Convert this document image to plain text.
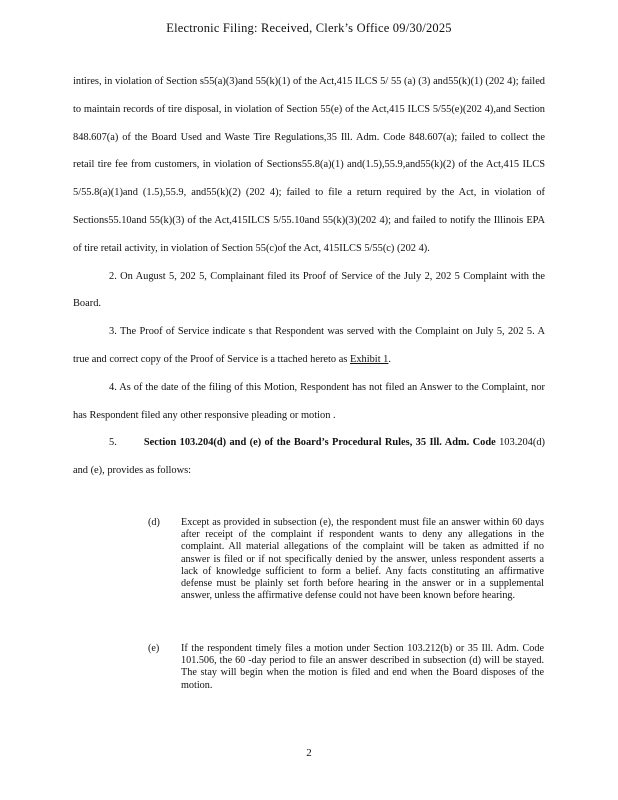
Electronic Filing: Received, Clerk’s Office 09/30/2025

intires, in violation of Section s55(a)(3)and 55(k)(1) of the Act,415 ILCS 5/ 55 (a) (3) and55(k)(1) (202 4); failed to maintain records of tire disposal, in violation of Section 55(e) of the Act,415 ILCS 5/55(e)(202 4),and Section 848.607(a) of the Board Used and Waste Tire Regulations,35 Ill. Adm. Code 848.607(a); failed to collect the retail tire fee from customers, in violation of Sections55.8(a)(1) and(1.5),55.9,and55(k)(2) of the Act,415 ILCS 5/55.8(a)(1)and (1.5),55.9, and55(k)(2) (202 4); failed to file a return required by the Act, in violation of Sections55.10and 55(k)(3) of the Act,415ILCS 5/55.10and 55(k)(3)(202 4); and failed to notify the Illinois EPA of tire retail activity, in violation of Section 55(c)of the Act, 415ILCS 5/55(c) (202 4).

2. On August 5, 202 5, Complainant filed its Proof of Service of the July 2, 202 5 Complaint with the Board.

3. The Proof of Service indicate s that Respondent was served with the Complaint on July 5, 202 5. A true and correct copy of the Proof of Service is a ttached hereto as Exhibit 1.

4. As of the date of the filing of this Motion, Respondent has not filed an Answer to the Complaint, nor has Respondent filed any other responsive pleading or motion .

5.	Section 103.204(d) and (e) of the Board’s Procedural Rules, 35 Ill. Adm. Code 103.204(d) and (e), provides as follows:

(d)	Except as provided in subsection (e), the respondent must file an answer within 60 days after receipt of the complaint if respondent wants to deny any allegations in the complaint. All material allegations of the complaint will be taken as admitted if no answer is filed or if not specifically denied by the answer, unless respondent asserts a lack of knowledge sufficient to form a belief. Any facts constituting an affirmative defense must be plainly set forth before hearing in the answer or in a supplemental answer, unless the affirmative defense could not have been known before hearing.
(e)	If the respondent timely files a motion under Section 103.212(b) or 35 Ill. Adm. Code 101.506, the 60 -day period to file an answer described in subsection (d) will be stayed. The stay will begin when the motion is filed and end when the Board disposes of the motion.
2
